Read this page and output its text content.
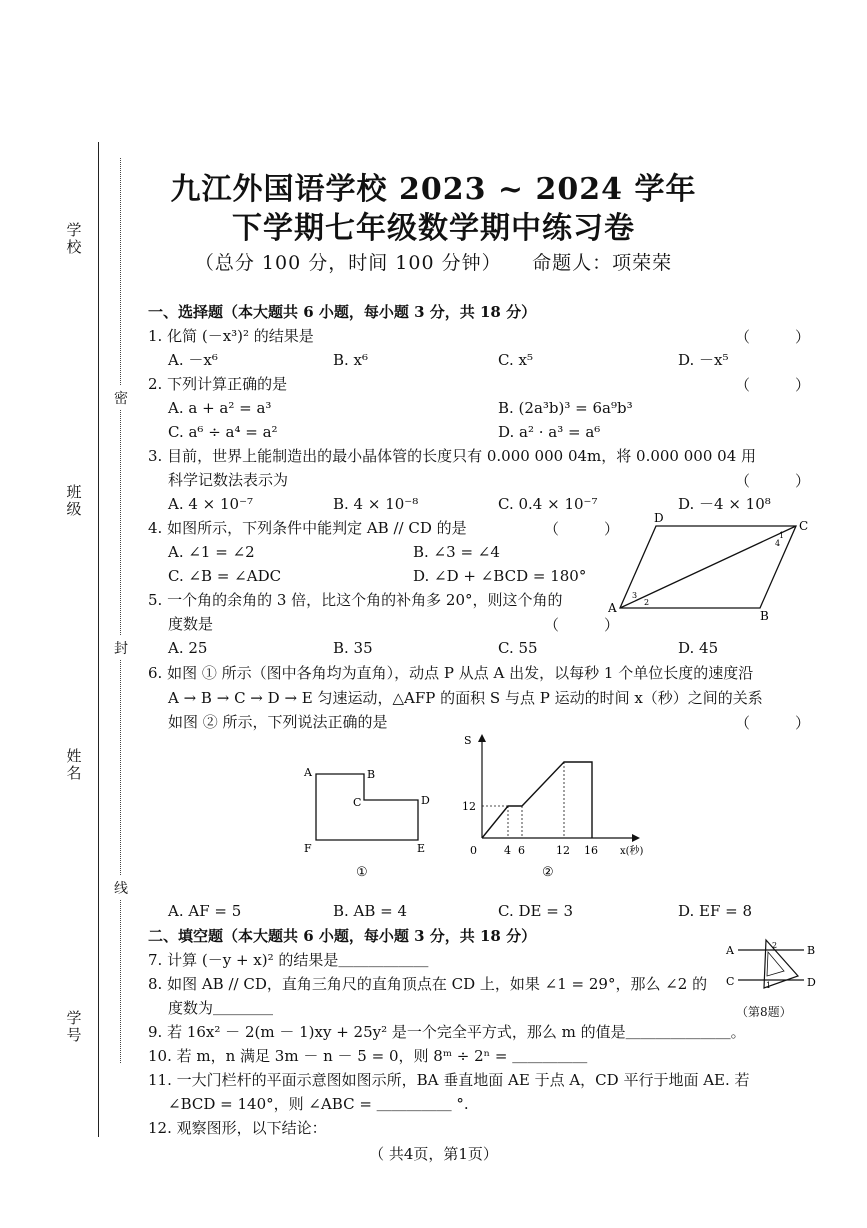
密
封
线
学校
班级
姓名
学号
九江外国语学校 2023 ~ 2024 学年
下学期七年级数学期中练习卷
（总分 100 分，时间 100 分钟）　　命题人：项荣荣
一、选择题（本大题共 6 小题，每小题 3 分，共 18 分）
1. 化简 (－x³)² 的结果是	（　　　）
A. －x⁶	B. x⁶	C. x⁵	D. －x⁵
2. 下列计算正确的是	（　　　）
A. a + a² = a³	B. (2a³b)³ = 6a⁹b³
C. a⁶ ÷ a⁴ = a²	D. a² · a³ = a⁶
3. 目前，世界上能制造出的最小晶体管的长度只有 0.000 000 04m，将 0.000 000 04 用
科学记数法表示为	（　　　）
A. 4 × 10⁻⁷	B. 4 × 10⁻⁸	C. 0.4 × 10⁻⁷	D. －4 × 10⁸
4. 如图所示，下列条件中能判定 AB // CD 的是	（　　　）
A. ∠1 = ∠2	B. ∠3 = ∠4
C. ∠B = ∠ADC	D. ∠D + ∠BCD = 180°
D
C
A
B
1
4
3
2
5. 一个角的余角的 3 倍，比这个角的补角多 20°，则这个角的
度数是	（　　　）
A. 25	B. 35	C. 55	D. 45
6. 如图 ① 所示（图中各角均为直角），动点 P 从点 A 出发，以每秒 1 个单位长度的速度沿
A → B → C → D → E 匀速运动，△AFP 的面积 S 与点 P 运动的时间 x（秒）之间的关系
如图 ② 所示，下列说法正确的是	（　　　）
A	B
C	D
E
F
①
S
x(秒)
0
12
4 6	12 16
②
A. AF = 5	B. AB = 4	C. DE = 3	D. EF = 8
二、填空题（本大题共 6 小题，每小题 3 分，共 18 分）
7. 计算 (－y + x)² 的结果是＿＿＿＿＿＿
8. 如图 AB // CD，直角三角尺的直角顶点在 CD 上，如果 ∠1 = 29°，那么 ∠2 的
度数为＿＿＿＿
A	B
C	D
2
1
（第8题）
9. 若 16x² － 2(m － 1)xy + 25y² 是一个完全平方式，那么 m 的值是＿＿＿＿＿＿＿。
10. 若 m，n 满足 3m － n － 5 = 0，则 8ᵐ ÷ 2ⁿ = ＿＿＿＿＿
11. 一大门栏杆的平面示意图如图示所，BA 垂直地面 AE 于点 A，CD 平行于地面 AE. 若
∠BCD = 140°，则 ∠ABC = ＿＿＿＿＿ °.
12. 观察图形，以下结论：
（ 共4页，第1页）
